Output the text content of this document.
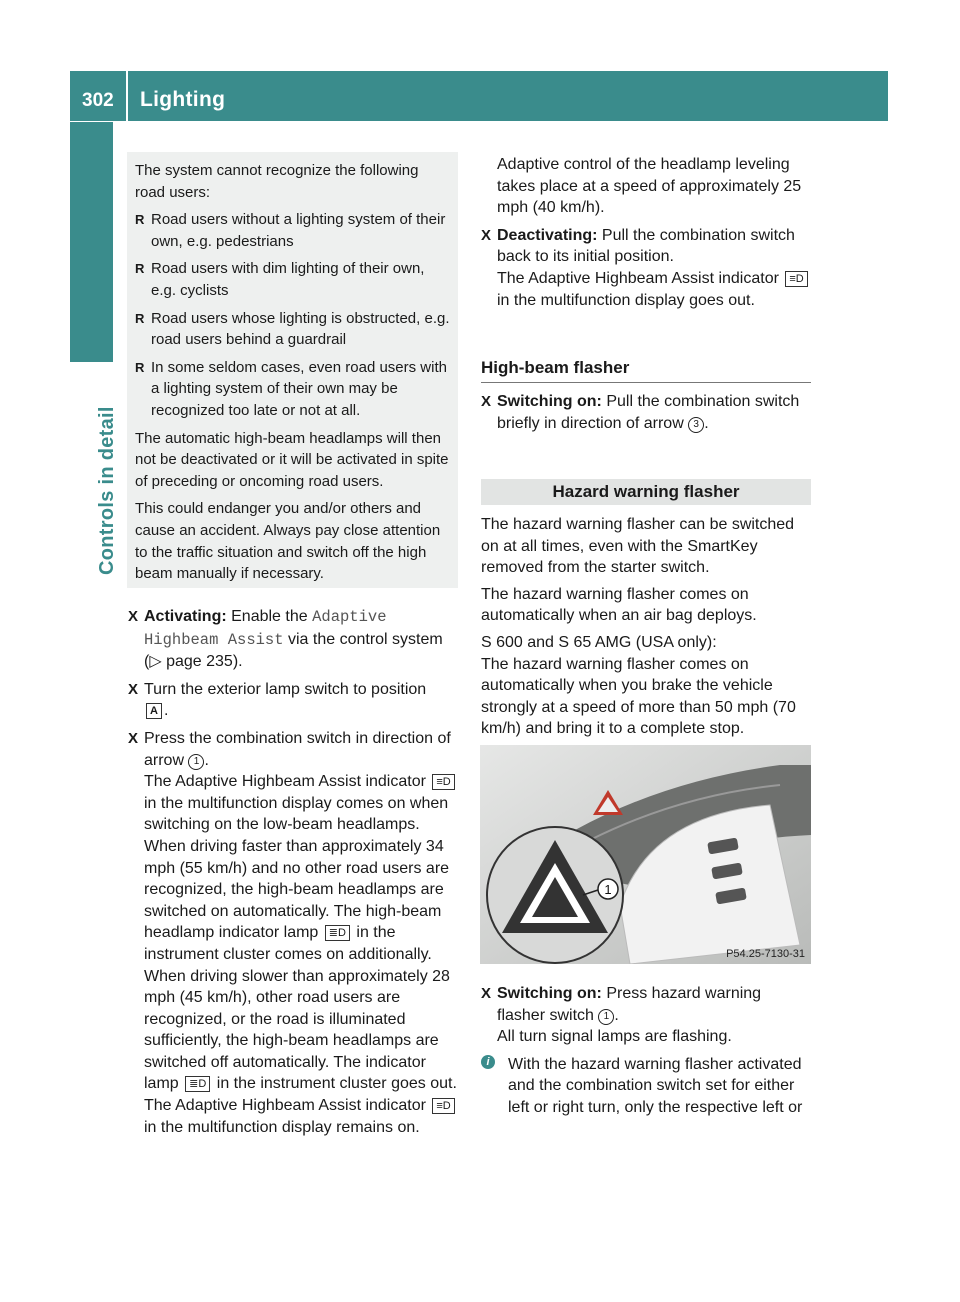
302 Lighting
Controls in detail

The system cannot recognize the following road users:

R Road users without a lighting system of their own, e.g. pedestrians
R Road users with dim lighting of their own, e.g. cyclists
R Road users whose lighting is obstructed, e.g. road users behind a guardrail
R In some seldom cases, even road users with a lighting system of their own may be recognized too late or not at all.

The automatic high-beam headlamps will then not be deactivated or it will be activated in spite of preceding or oncoming road users.

This could endanger you and/or others and cause an accident. Always pay close attention to the traffic situation and switch off the high beam manually if necessary.

X Activating: Enable the Adaptive Highbeam Assist via the control system (▷ page 235).
X Turn the exterior lamp switch to position
A .
X Press the combination switch in direction of arrow 1 .
The Adaptive Highbeam Assist indicator ≡D in the multifunction display comes on when switching on the low-beam headlamps.
When driving faster than approximately 34 mph (55 km/h) and no other road users are recognized, the high-beam headlamps are switched on automatically. The high-beam headlamp indicator lamp ≣D in the instrument cluster comes on additionally.
When driving slower than approximately 28 mph (45 km/h), other road users are recognized, or the road is illuminated sufficiently, the high-beam headlamps are switched off automatically. The indicator lamp ≣D in the instrument cluster goes out. The Adaptive Highbeam Assist indicator ≡D in the multifunction display remains on.
Adaptive control of the headlamp leveling takes place at a speed of approximately 25 mph (40 km/h).
X Deactivating: Pull the combination switch back to its initial position.
The Adaptive Highbeam Assist indicator ≡D in the multifunction display goes out.
High-beam flasher
X Switching on: Pull the combination switch briefly in direction of arrow 3 .
Hazard warning flasher

The hazard warning flasher can be switched on at all times, even with the SmartKey removed from the starter switch.

The hazard warning flasher comes on automatically when an air bag deploys.

S 600 and S 65 AMG (USA only):
The hazard warning flasher comes on automatically when you brake the vehicle strongly at a speed of more than 50 mph (70 km/h) and bring it to a complete stop.

1
P54.25-7130-31
X Switching on: Press hazard warning flasher switch 1 .
All turn signal lamps are flashing.
i	With the hazard warning flasher activated and the combination switch set for either left or right turn, only the respective left or
